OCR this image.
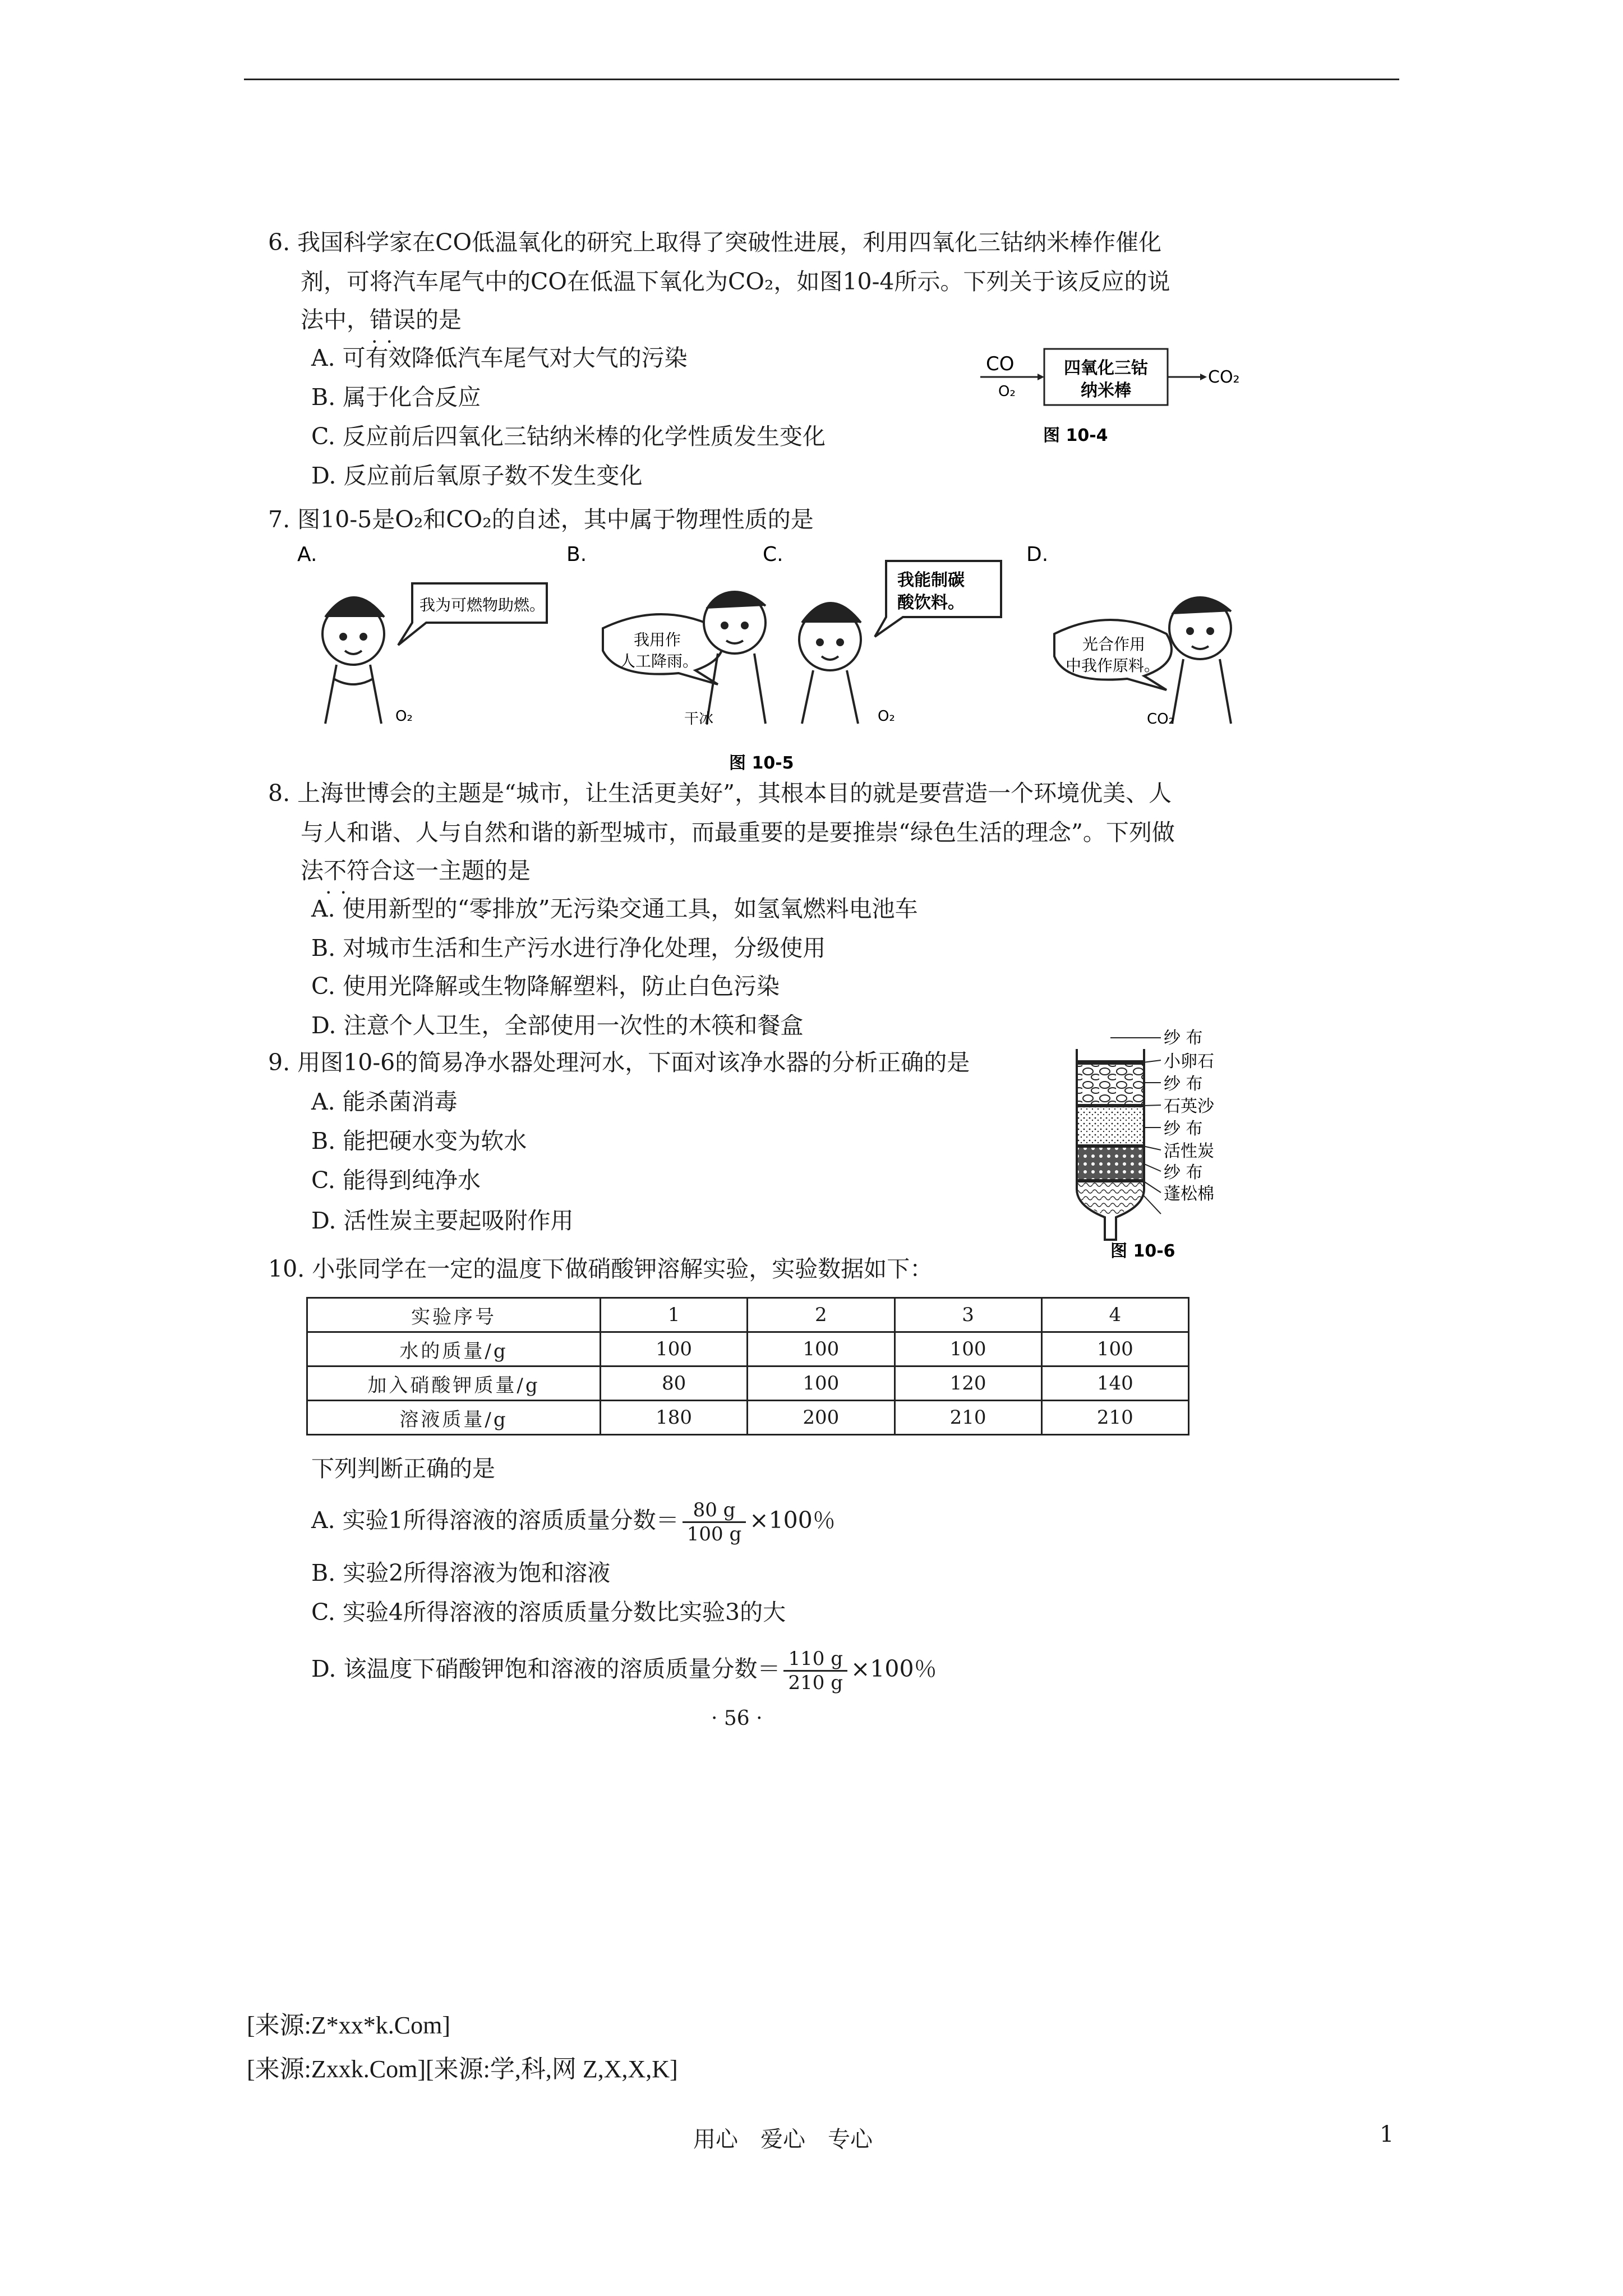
6. 我国科学家在CO低温氧化的研究上取得了突破性进展，利用四氧化三钴纳米棒作催化
剂，可将汽车尾气中的CO在低温下氧化为CO₂，如图10-4所示。下列关于该反应的说
法中，错误 • •的是
A. 可有效降低汽车尾气对大气的污染
B. 属于化合反应
C. 反应前后四氧化三钴纳米棒的化学性质发生变化
D. 反应前后氧原子数不发生变化
CO
O₂
四氧化三钴
纳米棒
CO₂
图 10-4
7. 图10-5是O₂和CO₂的自述，其中属于物理性质的是
A.	B.	C.	D.
O₂
我为可燃物助燃。
我用作
人工降雨。
干冰	O₂
我能制碳
酸饮料。
光合作用
中我作原料。
CO₂
图 10-5
8. 上海世博会的主题是“城市，让生活更美好”，其根本目的就是要营造一个环境优美、人
与人和谐、人与自然和谐的新型城市，而最重要的是要推崇“绿色生活的理念”。下列做
法不符合 • •这一主题的是
A. 使用新型的“零排放”无污染交通工具，如氢氧燃料电池车
B. 对城市生活和生产污水进行净化处理，分级使用
C. 使用光降解或生物降解塑料，防止白色污染
D. 注意个人卫生，全部使用一次性的木筷和餐盒
9. 用图10-6的简易净水器处理河水，下面对该净水器的分析正确的是
A. 能杀菌消毒
B. 能把硬水变为软水
C. 能得到纯净水
D. 活性炭主要起吸附作用
纱 布
小卵石
纱 布
石英沙
纱 布
活性炭
纱 布
蓬松棉
图 10-6
10. 小张同学在一定的温度下做硝酸钾溶解实验，实验数据如下：
实验序号	1	2	3	4
水的质量/g	100	100	100	100
加入硝酸钾质量/g	80	100	120	140
溶液质量/g	180	200	210	210
下列判断正确的是
A. 实验1所得溶液的溶质质量分数＝ $\frac{80 g}{100 g} \times 100$％
B. 实验2所得溶液为饱和溶液
C. 实验4所得溶液的溶质质量分数比实验3的大
D. 该温度下硝酸钾饱和溶液的溶质质量分数＝ $\frac{110 g}{210 g} \times 100$％
· 56 ·
[来源:Z*xx*k.Com]
[来源:Zxxk.Com][来源:学,科,网 Z,X,X,K]
用心　爱心　专心	1
